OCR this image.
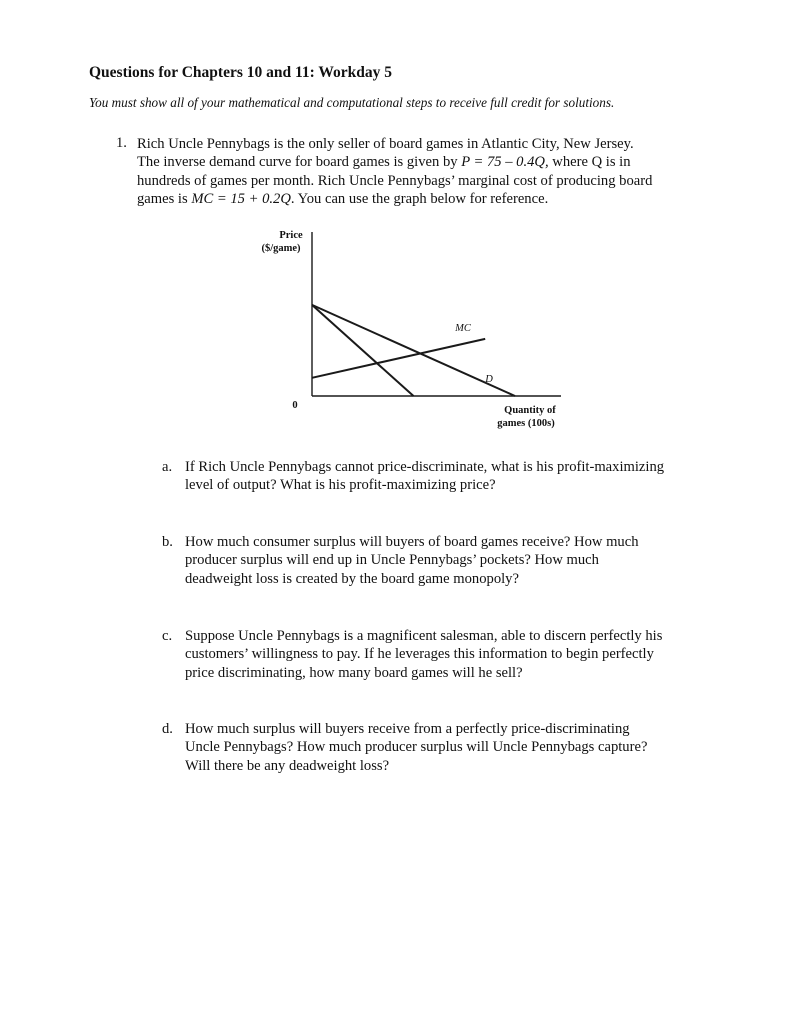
Questions for Chapters 10 and 11: Workday 5
You must show all of your mathematical and computational steps to receive full credit for solutions.
1. Rich Uncle Pennybags is the only seller of board games in Atlantic City, New Jersey.
The inverse demand curve for board games is given by P = 75 – 0.4Q, where Q is in
hundreds of games per month. Rich Uncle Pennybags’ marginal cost of producing board
games is MC = 15 + 0.2Q. You can use the graph below for reference.
Price
($/game)
0	Quantity of
games (100s)
MC
D
a. If Rich Uncle Pennybags cannot price-discriminate, what is his profit-maximizing
level of output? What is his profit-maximizing price?
b. How much consumer surplus will buyers of board games receive? How much
producer surplus will end up in Uncle Pennybags’ pockets? How much
deadweight loss is created by the board game monopoly?
c. Suppose Uncle Pennybags is a magnificent salesman, able to discern perfectly his
customers’ willingness to pay. If he leverages this information to begin perfectly
price discriminating, how many board games will he sell?
d. How much surplus will buyers receive from a perfectly price-discriminating
Uncle Pennybags? How much producer surplus will Uncle Pennybags capture?
Will there be any deadweight loss?
